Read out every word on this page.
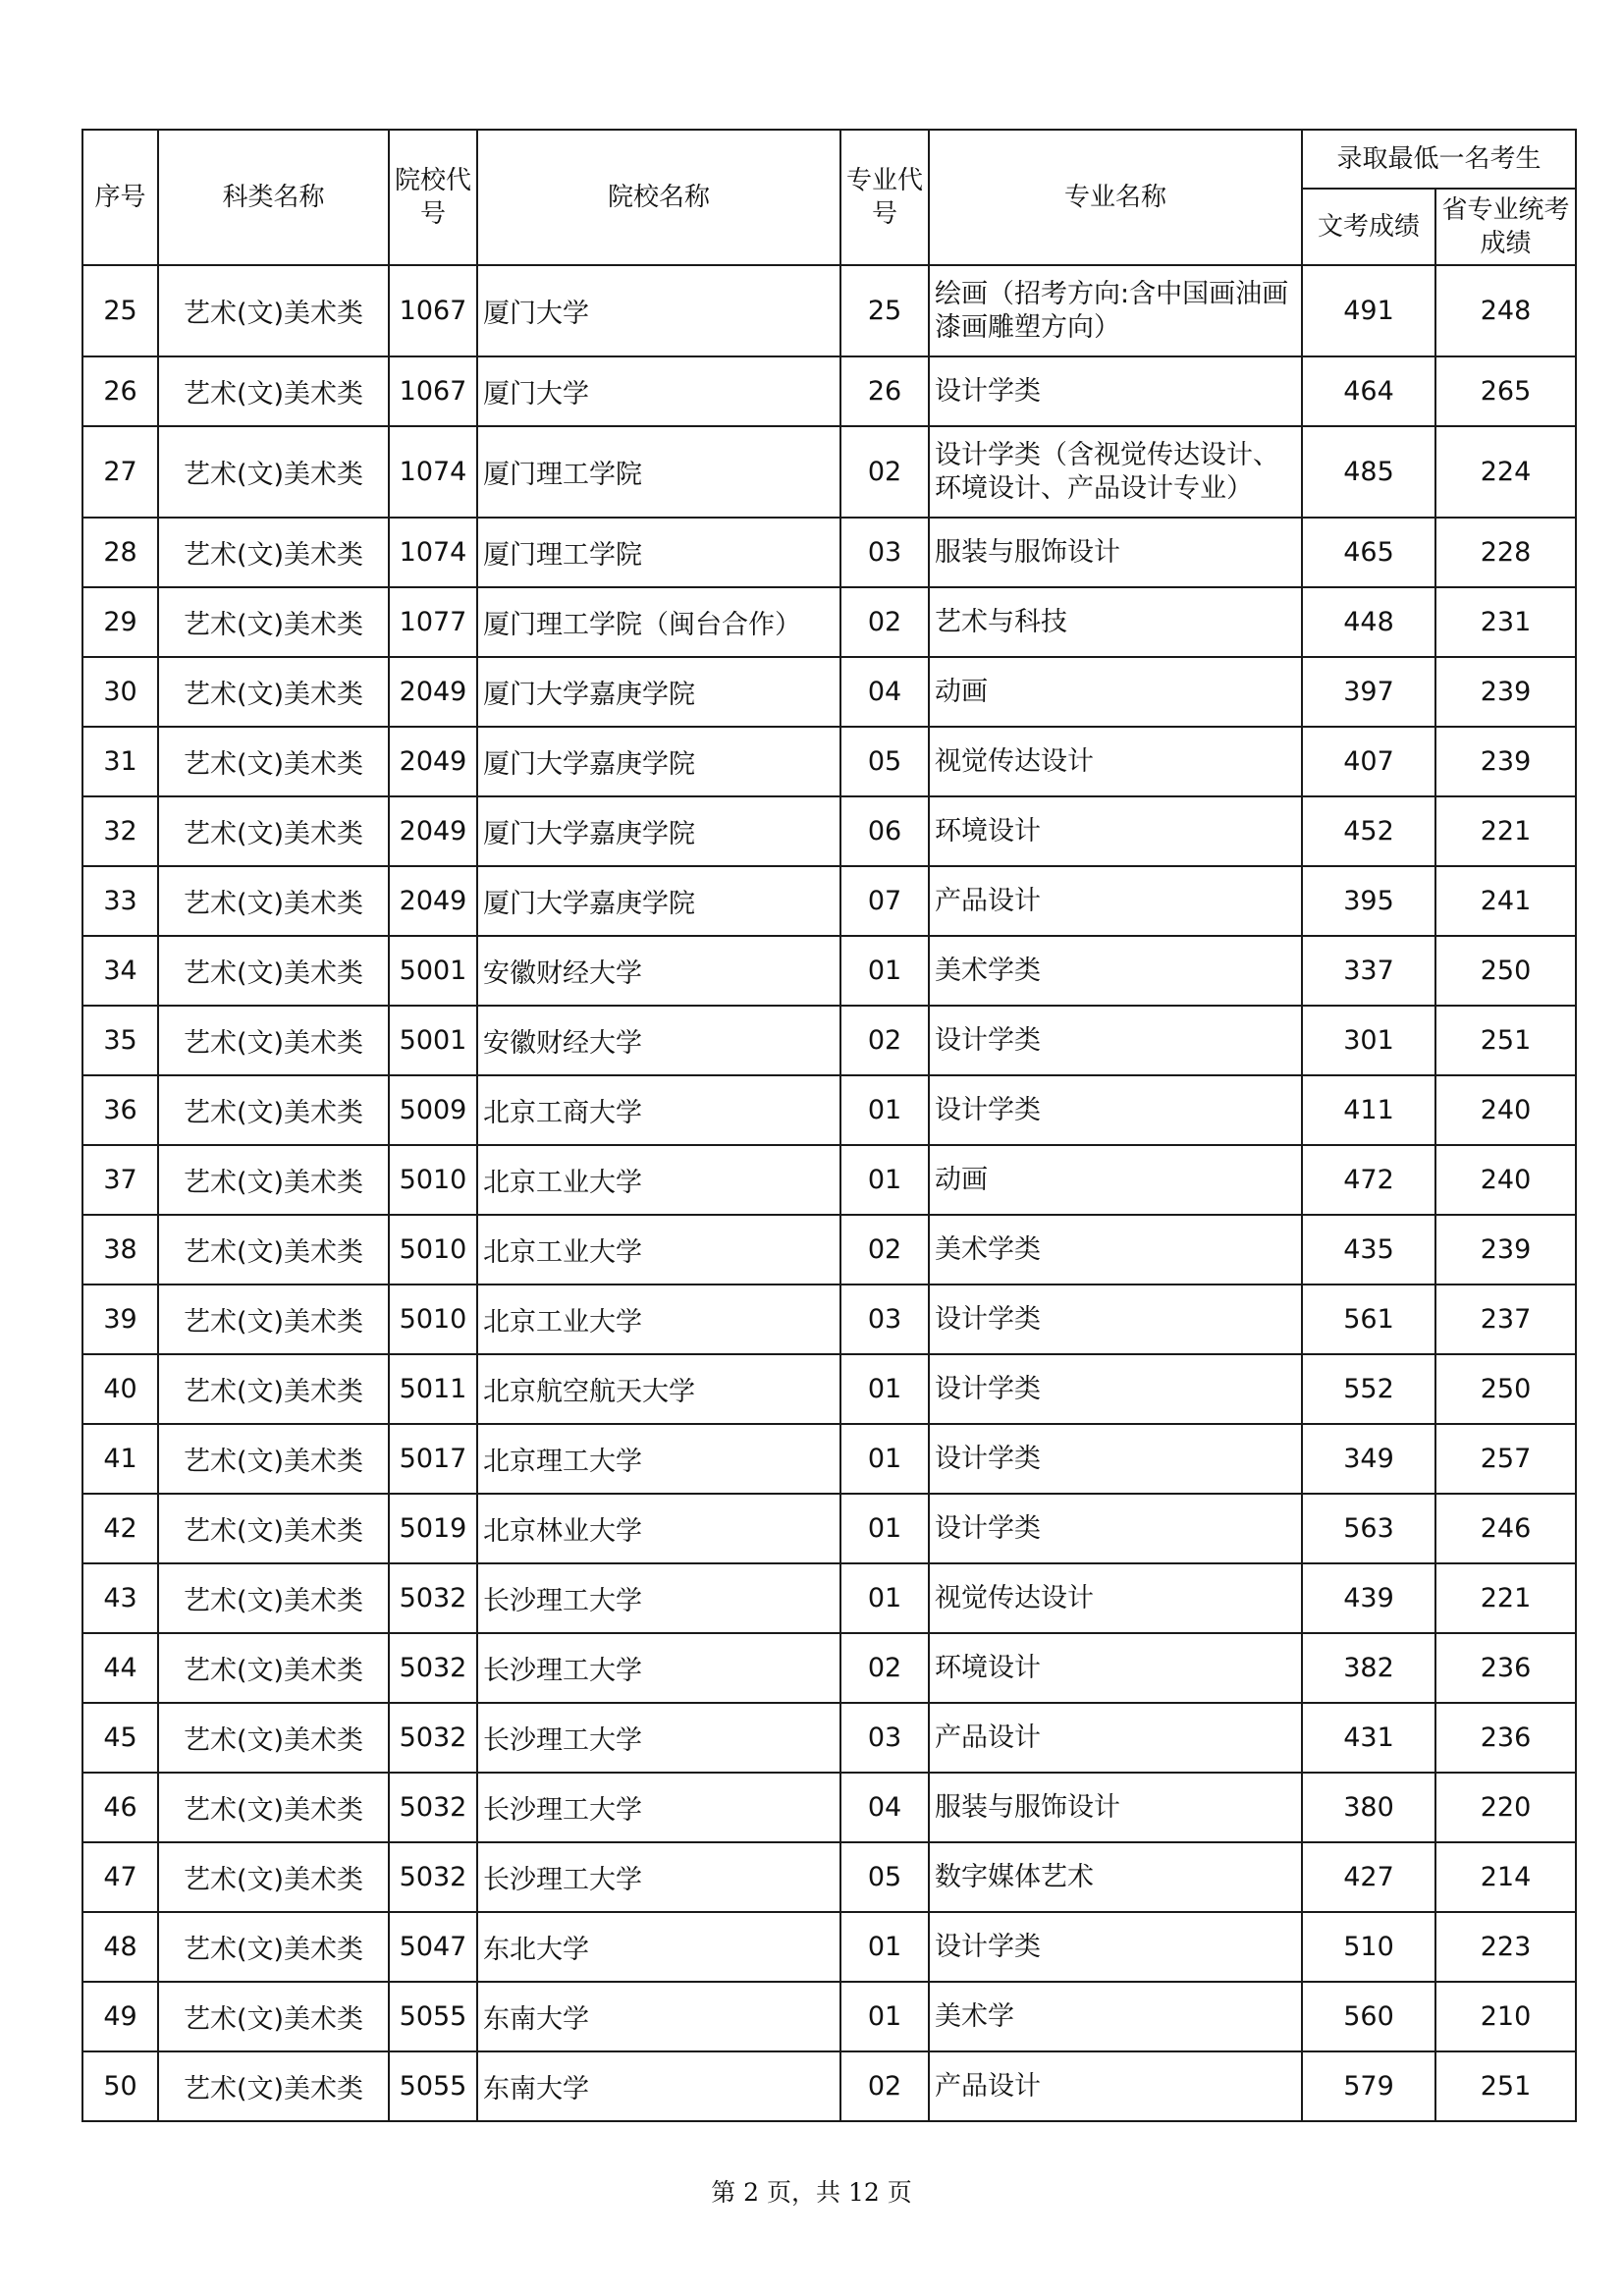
序号	科类名称	院校代号	院校名称	专业代号	专业名称	录取最低一名考生	
						文考成绩	省专业统考成绩
25	艺术(文)美术类	1067	厦门大学	25	绘画（招考方向:含中国画油画漆画雕塑方向）	491	248
26	艺术(文)美术类	1067	厦门大学	26	设计学类	464	265
27	艺术(文)美术类	1074	厦门理工学院	02	设计学类（含视觉传达设计、环境设计、产品设计专业）	485	224
28	艺术(文)美术类	1074	厦门理工学院	03	服装与服饰设计	465	228
29	艺术(文)美术类	1077	厦门理工学院（闽台合作）	02	艺术与科技	448	231
30	艺术(文)美术类	2049	厦门大学嘉庚学院	04	动画	397	239
31	艺术(文)美术类	2049	厦门大学嘉庚学院	05	视觉传达设计	407	239
32	艺术(文)美术类	2049	厦门大学嘉庚学院	06	环境设计	452	221
33	艺术(文)美术类	2049	厦门大学嘉庚学院	07	产品设计	395	241
34	艺术(文)美术类	5001	安徽财经大学	01	美术学类	337	250
35	艺术(文)美术类	5001	安徽财经大学	02	设计学类	301	251
36	艺术(文)美术类	5009	北京工商大学	01	设计学类	411	240
37	艺术(文)美术类	5010	北京工业大学	01	动画	472	240
38	艺术(文)美术类	5010	北京工业大学	02	美术学类	435	239
39	艺术(文)美术类	5010	北京工业大学	03	设计学类	561	237
40	艺术(文)美术类	5011	北京航空航天大学	01	设计学类	552	250
41	艺术(文)美术类	5017	北京理工大学	01	设计学类	349	257
42	艺术(文)美术类	5019	北京林业大学	01	设计学类	563	246
43	艺术(文)美术类	5032	长沙理工大学	01	视觉传达设计	439	221
44	艺术(文)美术类	5032	长沙理工大学	02	环境设计	382	236
45	艺术(文)美术类	5032	长沙理工大学	03	产品设计	431	236
46	艺术(文)美术类	5032	长沙理工大学	04	服装与服饰设计	380	220
47	艺术(文)美术类	5032	长沙理工大学	05	数字媒体艺术	427	214
48	艺术(文)美术类	5047	东北大学	01	设计学类	510	223
49	艺术(文)美术类	5055	东南大学	01	美术学	560	210
50	艺术(文)美术类	5055	东南大学	02	产品设计	579	251
第 2 页，共 12 页
